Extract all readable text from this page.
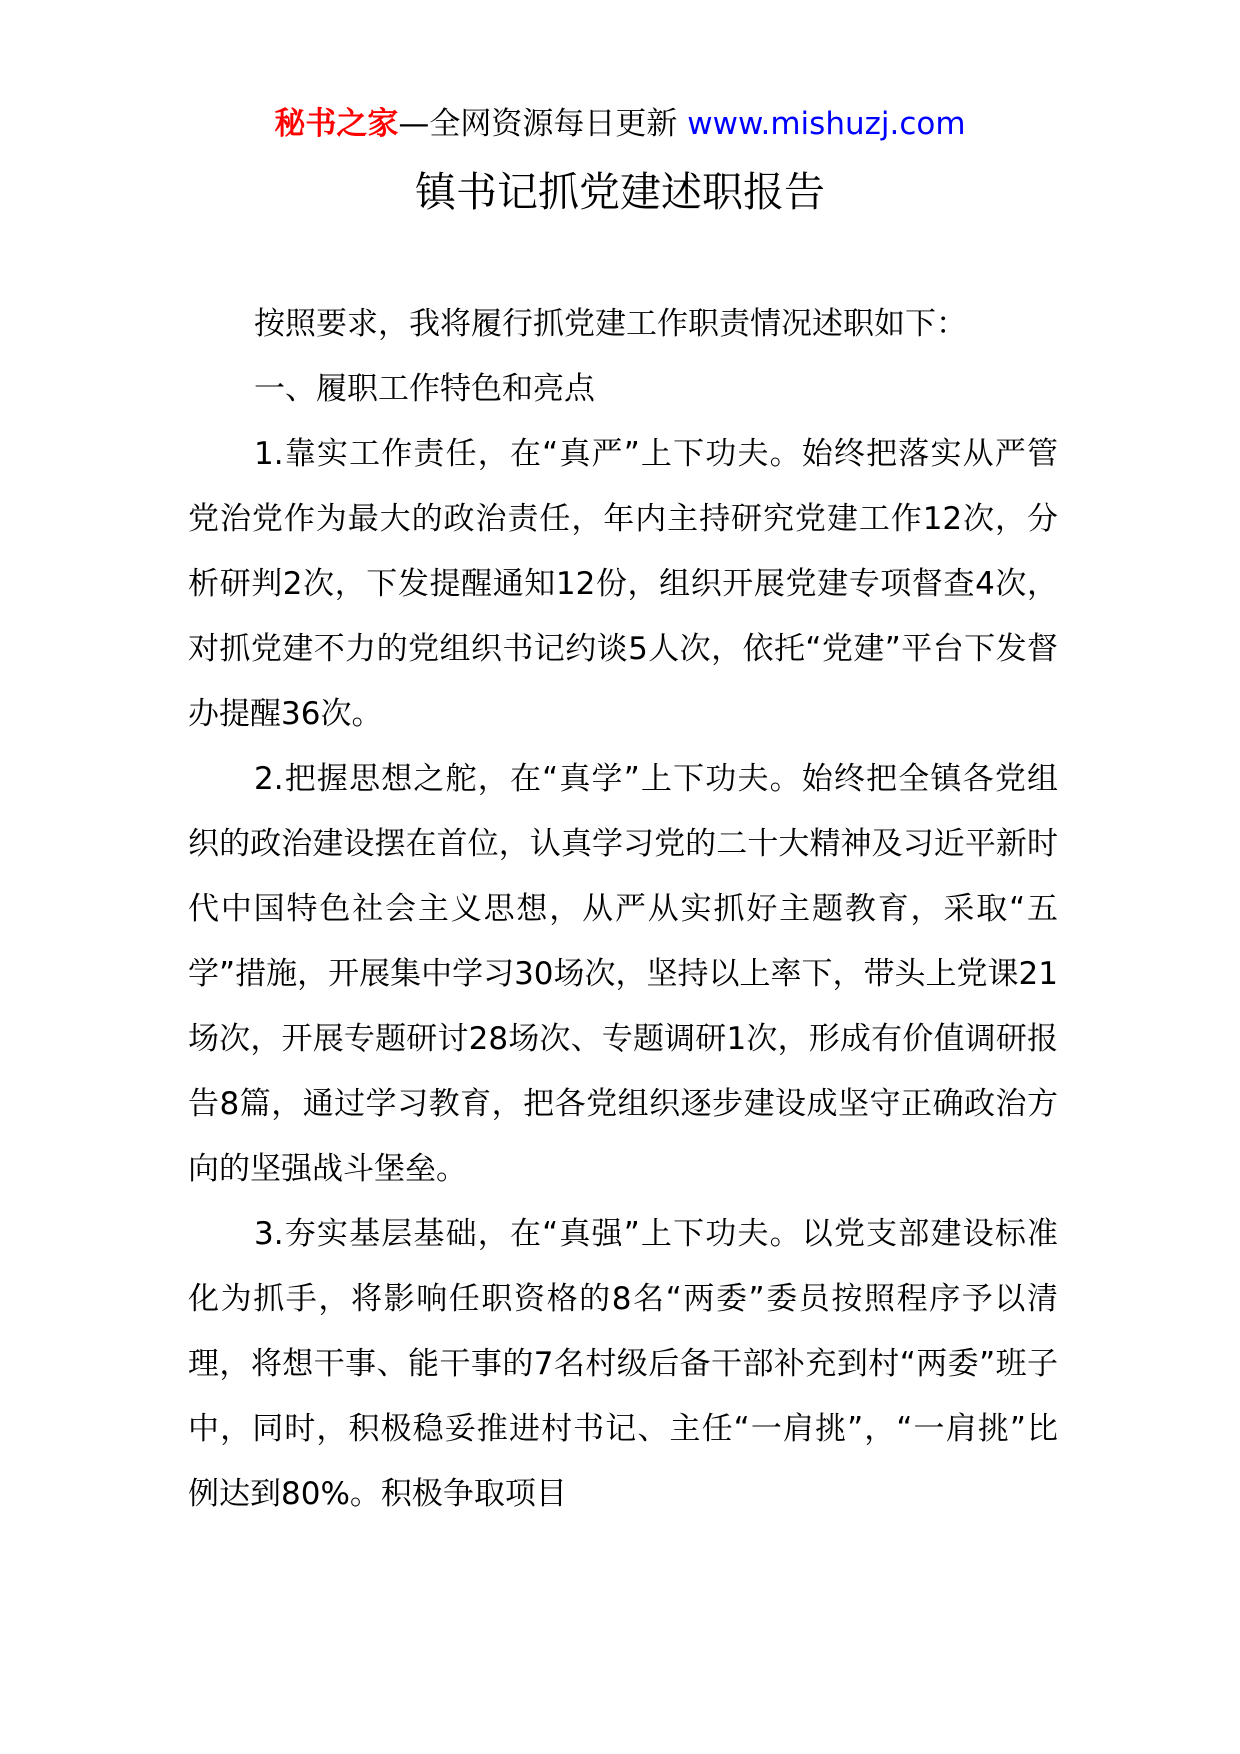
秘书之家—全网资源每日更新 www.mishuzj.com
镇书记抓党建述职报告

按照要求，我将履行抓党建工作职责情况述职如下：

一、履职工作特色和亮点

1.靠实工作责任，在“真严”上下功夫。始终把落实从严管党治党作为最大的政治责任，年内主持研究党建工作12次，分析研判2次，下发提醒通知12份，组织开展党建专项督查4次，对抓党建不力的党组织书记约谈5人次，依托“党建”平台下发督办提醒36次。

2.把握思想之舵，在“真学”上下功夫。始终把全镇各党组织的政治建设摆在首位，认真学习党的二十大精神及习近平新时代中国特色社会主义思想，从严从实抓好主题教育，采取“五学”措施，开展集中学习30场次，坚持以上率下，带头上党课21场次，开展专题研讨28场次、专题调研1次，形成有价值调研报告8篇，通过学习教育，把各党组织逐步建设成坚守正确政治方向的坚强战斗堡垒。

3.夯实基层基础，在“真强”上下功夫。以党支部建设标准化为抓手，将影响任职资格的8名“两委”委员按照程序予以清理，将想干事、能干事的7名村级后备干部补充到村“两委”班子中，同时，积极稳妥推进村书记、主任“一肩挑”，“一肩挑”比例达到80%。积极争取项目
